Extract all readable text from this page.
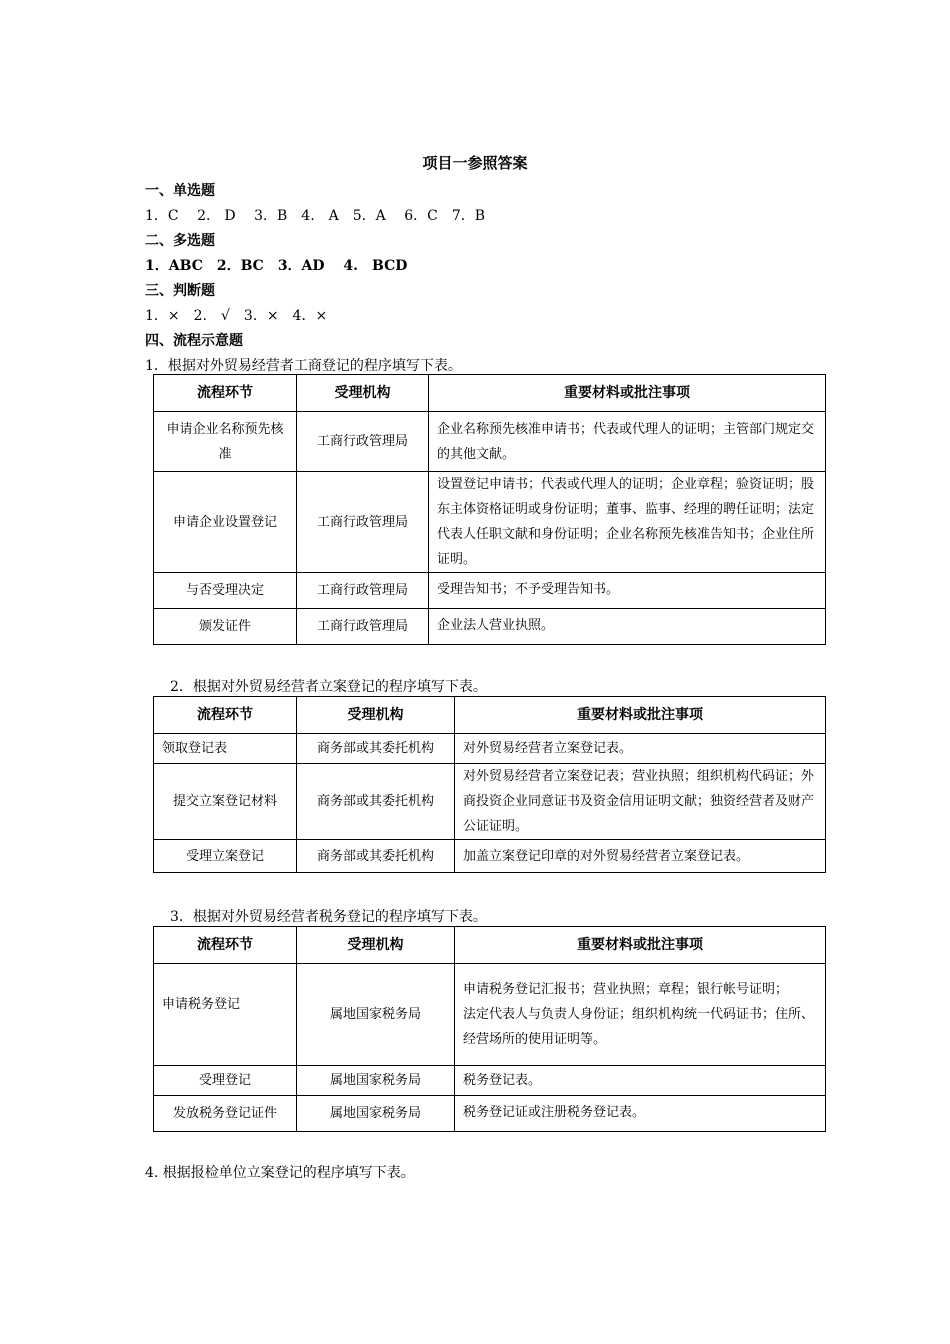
项目一参照答案
一、单选题
1．C　 2.　D　 3．B　4.　A　5．A　 6．C　7．B
二、多选题
1．ABC　2．BC　3．AD　 4.　BCD
三、判断题
1．×　2.　√　3．×　4．×
四、流程示意题
1．根据对外贸易经营者工商登记的程序填写下表。
流程环节	受理机构	重要材料或批注事项
申请企业名称预先核准	工商行政管理局	企业名称预先核准申请书；代表或代理人的证明；主管部门规定交的其他文献。
申请企业设置登记	工商行政管理局	设置登记申请书；代表或代理人的证明；企业章程；验资证明；股东主体资格证明或身份证明；董事、监事、经理的聘任证明；法定代表人任职文献和身份证明；企业名称预先核准告知书；企业住所证明。
与否受理决定	工商行政管理局	受理告知书；不予受理告知书。
颁发证件	工商行政管理局	企业法人营业执照。
2．根据对外贸易经营者立案登记的程序填写下表。
流程环节	受理机构	重要材料或批注事项
领取登记表	商务部或其委托机构	对外贸易经营者立案登记表。
提交立案登记材料	商务部或其委托机构	对外贸易经营者立案登记表；营业执照；组织机构代码证；外商投资企业同意证书及资金信用证明文献；独资经营者及财产公证证明。
受理立案登记	商务部或其委托机构	加盖立案登记印章的对外贸易经营者立案登记表。
3．根据对外贸易经营者税务登记的程序填写下表。
流程环节	受理机构	重要材料或批注事项
申请税务登记	属地国家税务局	申请税务登记汇报书；营业执照；章程；银行帐号证明；
法定代表人与负责人身份证；组织机构统一代码证书；住所、经营场所的使用证明等。
受理登记	属地国家税务局	税务登记表。
发放税务登记证件	属地国家税务局	税务登记证或注册税务登记表。
4. 根据报检单位立案登记的程序填写下表。
